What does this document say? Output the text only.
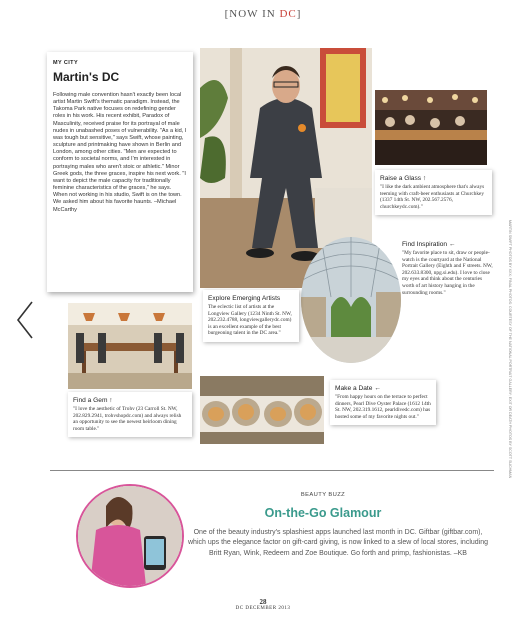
[NOW IN DC]
MY CITY
Martin's DC
Following male convention hasn't exactly been local artist Martin Swift's thematic paradigm. Instead, the Takoma Park native focuses on redefining gender roles in his work. His recent exhibit, Paradox of Masculinity, received praise for its portrayal of male nudes in unabashed poses of vulnerability. "As a kid, I was tough but sensitive," says Swift, whose painting, sculpture and printmaking have shown in Berlin and London, among other cities. "Men are expected to conform to societal norms, and I'm interested in portraying males who aren't stoic or athletic." Minor Greek gods, the three graces, inspire his next work. "I want to depict the male capacity for traditionally feminine characteristics of the graces," he says. When not working in his studio, Swift is on the town. We asked him about his favorite haunts. –Michael McCarthy
Raise a Glass ↑
"I like the dark ambient atmosphere that's always teeming with craft-beer enthusiasts at Churchkey (1337 14th St. NW, 202.567.2576, churchkeydc.com)."
Find Inspiration ←
"My favorite place to sit, draw or people-watch is the courtyard at the National Portrait Gallery (Eighth and F streets. NW, 202.633.8300, npg.si.edu). I love to close my eyes and think about the centuries worth of art history hanging in the surrounding rooms."
Explore Emerging Artists
The eclectic list of artists at the Longview Gallery (1234 Ninth St. NW, 202.232.4788, longviewgallerydc.com) is an excellent example of the best burgeoning talent in the DC area."
Find a Gem ↑
"I love the aesthetic of Trohv (23 Carroll St. NW, 202.829.2941, trohvshopdc.com) and always relish an opportunity to see the newest heirloom dining room table."
Make a Date ←
"From happy hours on the terrace to perfect dinners, Pearl Dive Oyster Palace (1612 14th St. NW, 202.319.1612, pearldivedc.com) has hosted some of my favorite nights out."
BEAUTY BUZZ
On-the-Go Glamour
One of the beauty industry's splashiest apps launched last month in DC. Giftbar (giftbar.com), which ups the elegance factor on gift-card giving, is now linked to a slew of local stores, including Britt Ryan, Wink, Redeem and Zoe Boutique. Go forth and primp, fashionistas. –KB
28
DC DECEMBER 2013
MARTIN SWIFT PHOTOS BY XXX; FINAL PHOTOS: COURTESY OF THE NATIONAL PORTRAIT GALLERY; EXIT OR DEATH PHOTOS BY SCOTT SUCHMAN
